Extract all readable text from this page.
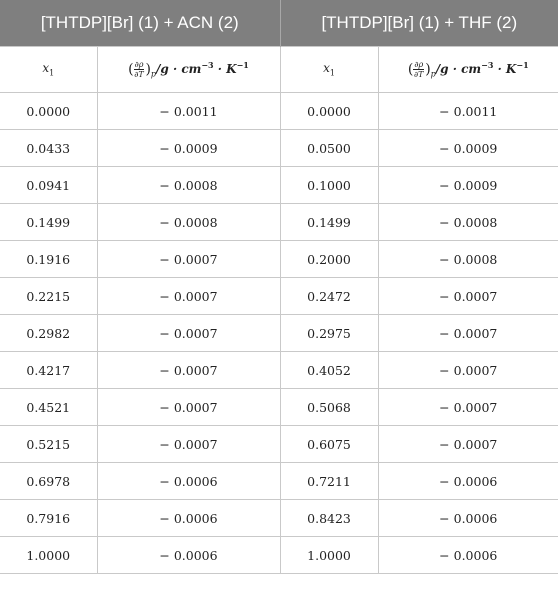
[THTDP][Br] (1) + ACN (2)		[THTDP][Br] (1) + THF (2)	
$x_1$	( $\frac{\partial\rho}{\partial T} )_p/g \cdot cm^{-3} \cdot K^{-1}$	$x_1$	( $\frac{\partial\rho}{\partial T} )_p/g \cdot cm^{-3} \cdot K^{-1}$
0.0000	− 0.0011	0.0000	− 0.0011
0.0433	− 0.0009	0.0500	− 0.0009
0.0941	− 0.0008	0.1000	− 0.0009
0.1499	− 0.0008	0.1499	− 0.0008
0.1916	− 0.0007	0.2000	− 0.0008
0.2215	− 0.0007	0.2472	− 0.0007
0.2982	− 0.0007	0.2975	− 0.0007
0.4217	− 0.0007	0.4052	− 0.0007
0.4521	− 0.0007	0.5068	− 0.0007
0.5215	− 0.0007	0.6075	− 0.0007
0.6978	− 0.0006	0.7211	− 0.0006
0.7916	− 0.0006	0.8423	− 0.0006
1.0000	− 0.0006	1.0000	− 0.0006
